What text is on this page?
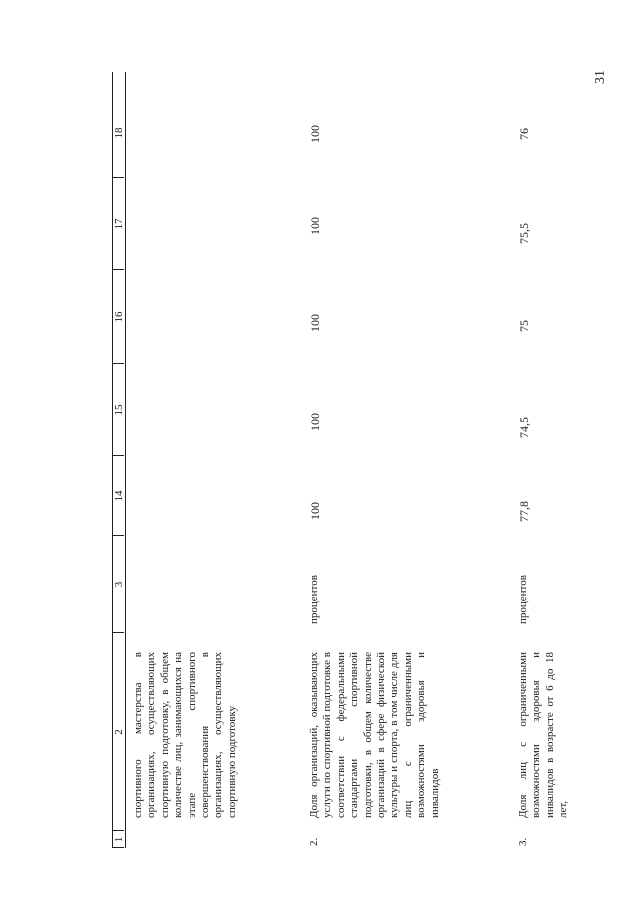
31
1
2
3
14
15
16
17
18
спортивного мастерства в организациях, осуществляющих спортивную подготовку, в общем количестве лиц, занимающихся на этапе спортивного совершенствования в организациях, осуществляющих спортивную подготовку
2.
Доля организаций, оказывающих услуги по спортивной подготовке в соответствии с федеральными стандартами спортивной подготовки, в общем количестве организаций в сфере физической культуры и спорта, в том числе для лиц с ограниченными возможностями здоровья и инвалидов
процентов
100
100
100
100
100
3.
Доля лиц с ограниченными возможностями здоровья и инвалидов в возрасте от 6 до 18 лет,
процентов
77,8
74,5
75
75,5
76
